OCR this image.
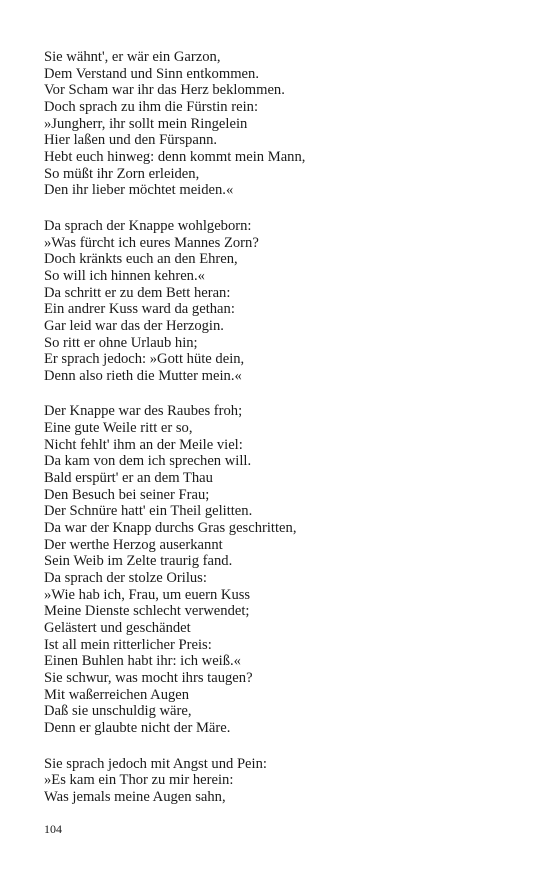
Sie wähnt', er wär ein Garzon,
Dem Verstand und Sinn entkommen.
Vor Scham war ihr das Herz beklommen.
Doch sprach zu ihm die Fürstin rein:
»Jungherr, ihr sollt mein Ringelein
Hier laßen und den Fürspann.
Hebt euch hinweg: denn kommt mein Mann,
So müßt ihr Zorn erleiden,
Den ihr lieber möchtet meiden.«
Da sprach der Knappe wohlgeborn:
»Was fürcht ich eures Mannes Zorn?
Doch kränkts euch an den Ehren,
So will ich hinnen kehren.«
Da schritt er zu dem Bett heran:
Ein andrer Kuss ward da gethan:
Gar leid war das der Herzogin.
So ritt er ohne Urlaub hin;
Er sprach jedoch: »Gott hüte dein,
Denn also rieth die Mutter mein.«
Der Knappe war des Raubes froh;
Eine gute Weile ritt er so,
Nicht fehlt' ihm an der Meile viel:
Da kam von dem ich sprechen will.
Bald erspürt' er an dem Thau
Den Besuch bei seiner Frau;
Der Schnüre hatt' ein Theil gelitten.
Da war der Knapp durchs Gras geschritten,
Der werthe Herzog auserkannt
Sein Weib im Zelte traurig fand.
Da sprach der stolze Orilus:
»Wie hab ich, Frau, um euern Kuss
Meine Dienste schlecht verwendet;
Gelästert und geschändet
Ist all mein ritterlicher Preis:
Einen Buhlen habt ihr: ich weiß.«
Sie schwur, was mocht ihrs taugen?
Mit waßerreichen Augen
Daß sie unschuldig wäre,
Denn er glaubte nicht der Märe.
Sie sprach jedoch mit Angst und Pein:
»Es kam ein Thor zu mir herein:
Was jemals meine Augen sahn,
104
